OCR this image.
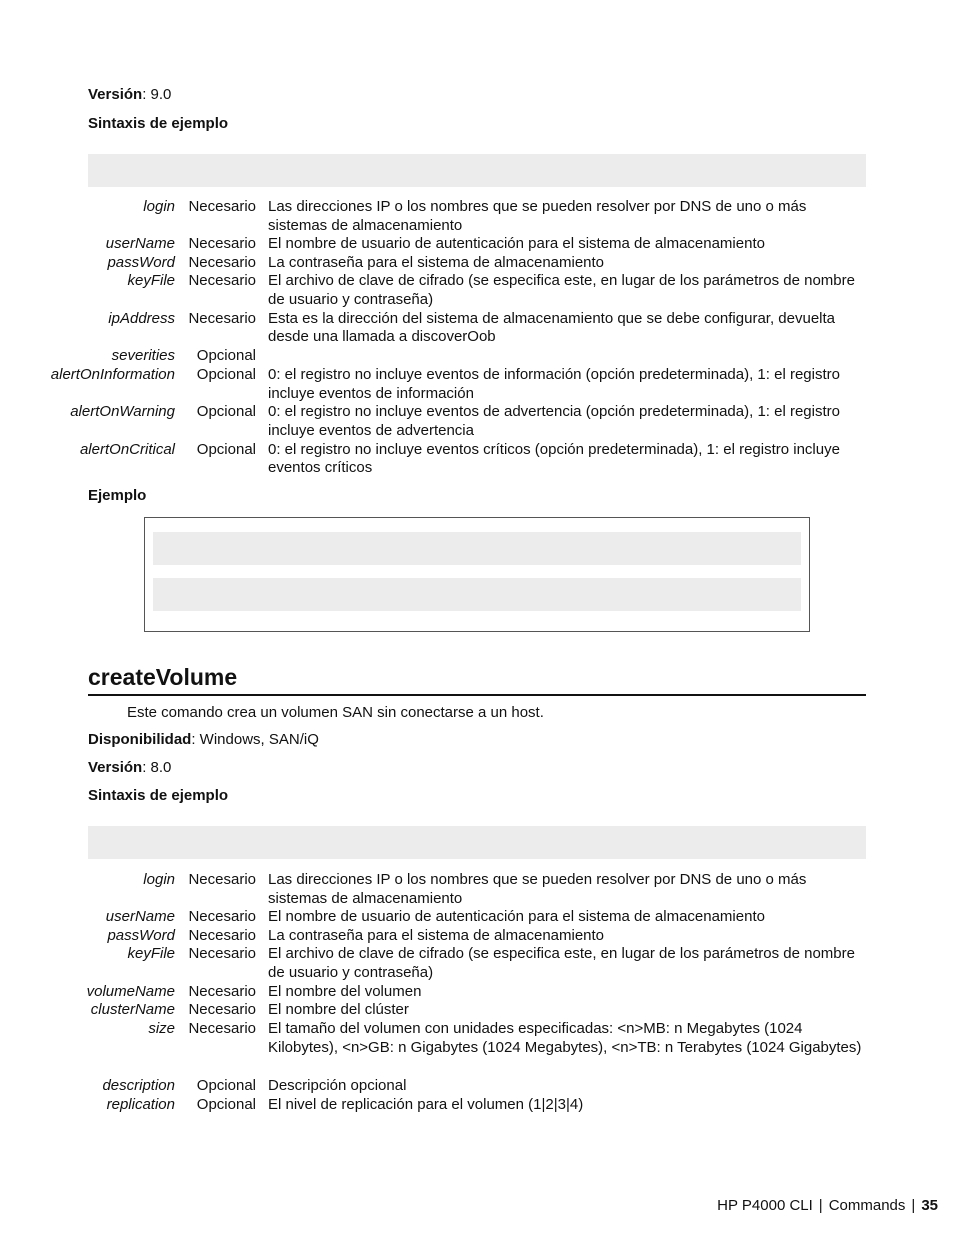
Versión: 9.0
Sintaxis de ejemplo
login Necesario Las direcciones IP o los nombres que se pueden resolver por DNS de uno o más sistemas de almacenamiento
userName Necesario El nombre de usuario de autenticación para el sistema de almacenamiento
passWord Necesario La contraseña para el sistema de almacenamiento
keyFile Necesario El archivo de clave de cifrado (se especifica este, en lugar de los parámetros de nombre de usuario y contraseña)
ipAddress Necesario Esta es la dirección del sistema de almacenamiento que se debe configurar, devuelta desde una llamada a discoverOob
severities	Opcional
alertOnInformation	Opcional 0: el registro no incluye eventos de información (opción predeterminada), 1: el registro incluye eventos de información
alertOnWarning	Opcional 0: el registro no incluye eventos de advertencia (opción predeterminada), 1: el registro incluye eventos de advertencia
alertOnCritical	Opcional 0: el registro no incluye eventos críticos (opción predeterminada), 1: el registro incluye eventos críticos
Ejemplo
createVolume
Este comando crea un volumen SAN sin conectarse a un host.
Disponibilidad: Windows, SAN/iQ
Versión: 8.0
Sintaxis de ejemplo
login Necesario Las direcciones IP o los nombres que se pueden resolver por DNS de uno o más sistemas de almacenamiento
userName Necesario El nombre de usuario de autenticación para el sistema de almacenamiento
passWord Necesario La contraseña para el sistema de almacenamiento
keyFile Necesario El archivo de clave de cifrado (se especifica este, en lugar de los parámetros de nombre de usuario y contraseña)
volumeName Necesario El nombre del volumen
clusterName Necesario El nombre del clúster
size Necesario El tamaño del volumen con unidades especificadas: <n>MB: n Megabytes (1024 Kilobytes), <n>GB: n Gigabytes (1024 Megabytes), <n>TB: n Terabytes (1024 Gigabytes)
description	Opcional Descripción opcional
replication	Opcional El nivel de replicación para el volumen (1|2|3|4)
HP P4000 CLI | Commands | 35
